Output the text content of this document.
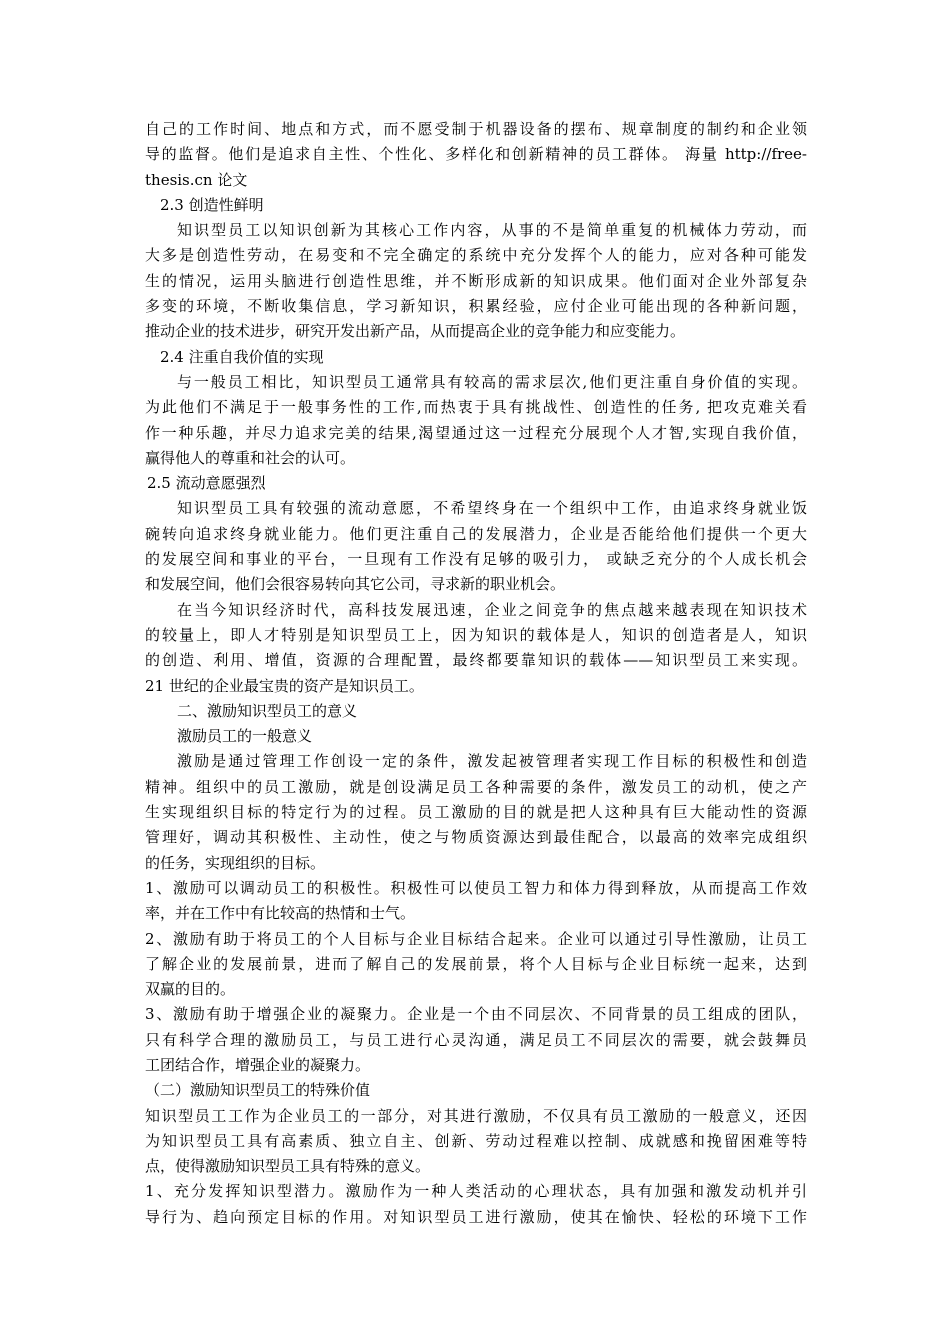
自己的工作时间、地点和方式，而不愿受制于机器设备的摆布、规章制度的制约和企业领
导的监督。他们是追求自主性、个性化、多样化和创新精神的员工群体。 海量 http://free-
thesis.cn 论文
2.3 创造性鲜明
知识型员工以知识创新为其核心工作内容，从事的不是简单重复的机械体力劳动，而
大多是创造性劳动，在易变和不完全确定的系统中充分发挥个人的能力，应对各种可能发
生的情况，运用头脑进行创造性思维，并不断形成新的知识成果。他们面对企业外部复杂
多变的环境，不断收集信息，学习新知识，积累经验，应付企业可能出现的各种新问题，
推动企业的技术进步，研究开发出新产品，从而提高企业的竞争能力和应变能力。
2.4 注重自我价值的实现
与一般员工相比，知识型员工通常具有较高的需求层次,他们更注重自身价值的实现。
为此他们不满足于一般事务性的工作,而热衷于具有挑战性、创造性的任务, 把攻克难关看
作一种乐趣，并尽力追求完美的结果,渴望通过这一过程充分展现个人才智,实现自我价值，
赢得他人的尊重和社会的认可。
2.5 流动意愿强烈
知识型员工具有较强的流动意愿，不希望终身在一个组织中工作，由追求终身就业饭
碗转向追求终身就业能力。他们更注重自己的发展潜力，企业是否能给他们提供一个更大
的发展空间和事业的平台，一旦现有工作没有足够的吸引力， 或缺乏充分的个人成长机会
和发展空间，他们会很容易转向其它公司，寻求新的职业机会。
在当今知识经济时代，高科技发展迅速，企业之间竞争的焦点越来越表现在知识技术
的较量上，即人才特别是知识型员工上，因为知识的载体是人，知识的创造者是人，知识
的创造、利用、增值，资源的合理配置，最终都要靠知识的载体——知识型员工来实现。
21 世纪的企业最宝贵的资产是知识员工。
二、激励知识型员工的意义
激励员工的一般意义
激励是通过管理工作创设一定的条件，激发起被管理者实现工作目标的积极性和创造
精神。组织中的员工激励，就是创设满足员工各种需要的条件，激发员工的动机，使之产
生实现组织目标的特定行为的过程。员工激励的目的就是把人这种具有巨大能动性的资源
管理好，调动其积极性、主动性，使之与物质资源达到最佳配合，以最高的效率完成组织
的任务，实现组织的目标。
1、激励可以调动员工的积极性。积极性可以使员工智力和体力得到释放，从而提高工作效
率，并在工作中有比较高的热情和士气。
2、激励有助于将员工的个人目标与企业目标结合起来。企业可以通过引导性激励，让员工
了解企业的发展前景，进而了解自己的发展前景，将个人目标与企业目标统一起来，达到
双赢的目的。
3、激励有助于增强企业的凝聚力。企业是一个由不同层次、不同背景的员工组成的团队，
只有科学合理的激励员工，与员工进行心灵沟通，满足员工不同层次的需要，就会鼓舞员
工团结合作，增强企业的凝聚力。
（二）激励知识型员工的特殊价值
知识型员工工作为企业员工的一部分，对其进行激励，不仅具有员工激励的一般意义，还因
为知识型员工具有高素质、独立自主、创新、劳动过程难以控制、成就感和挽留困难等特
点，使得激励知识型员工具有特殊的意义。
1、充分发挥知识型潜力。激励作为一种人类活动的心理状态，具有加强和激发动机并引
导行为、趋向预定目标的作用。对知识型员工进行激励，使其在愉快、轻松的环境下工作
